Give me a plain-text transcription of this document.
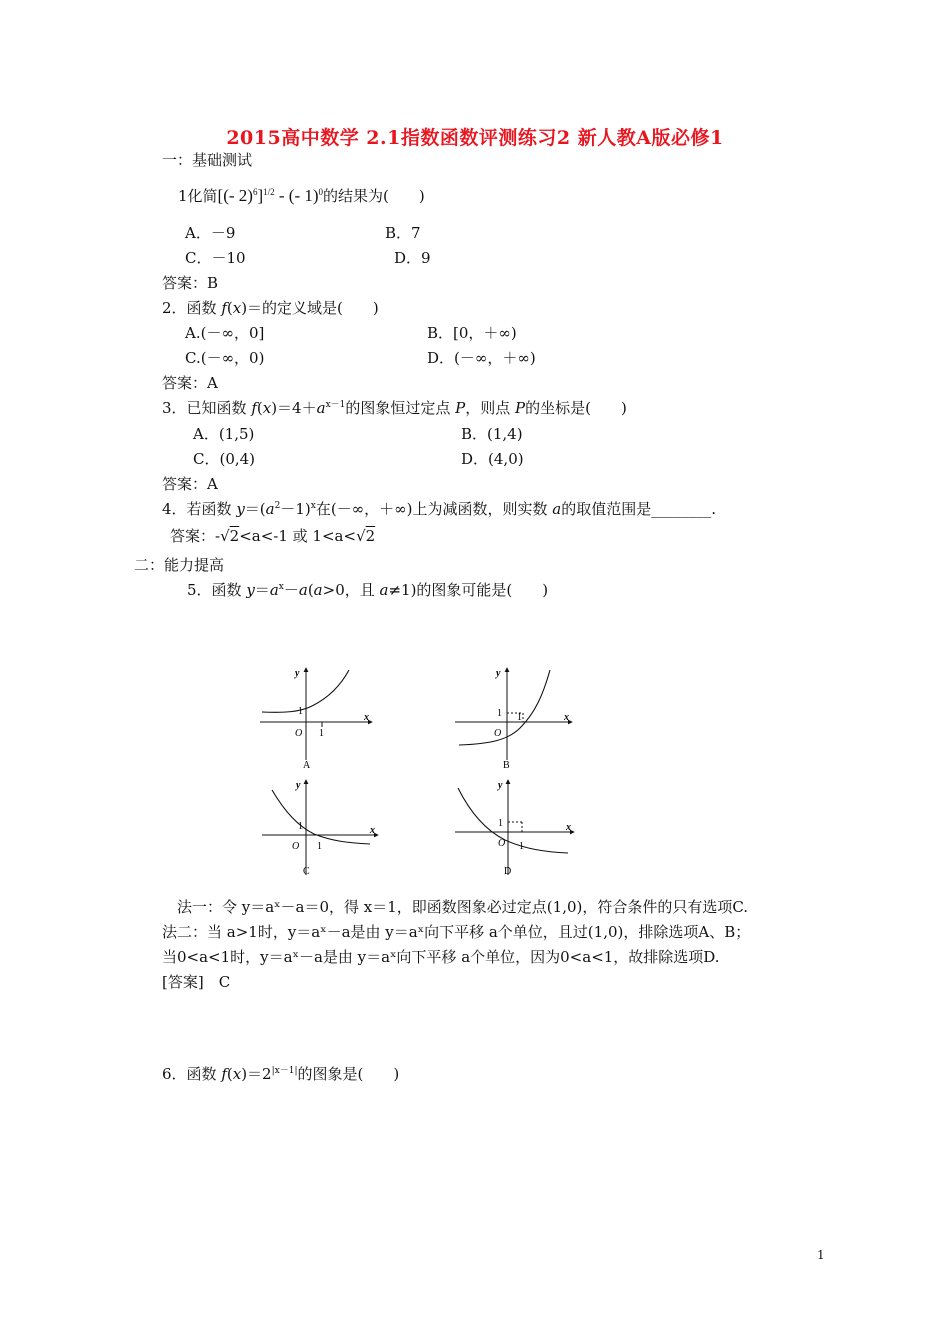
2015高中数学 2.1指数函数评测练习2 新人教A版必修1
一：基础测试
1化简[(- 2)$^6$]$^{1/2}$ - (- 1)$^0$的结果为(　　)
A．－9	B．7
C．－10	D．9
答案：B
2．函数 f(x)＝的定义域是(　　)
A.(－∞，0]	B．[0，＋∞)
C.(－∞，0)	D．(－∞，＋∞)
答案：A
3．已知函数 $f(x)=4+a^{x-1}$的图象恒过定点 P，则点 P的坐标是(　　)
A．(1,5)	B．(1,4)
C．(0,4)	D．(4,0)
答案：A
4．若函数 $y=(a^2-1)^x$在(－∞，＋∞)上为减函数，则实数 a的取值范围是________.
答案：-√2<a<-1 或 1<a<√2
二：能力提高
5．函数 $y=a^x-a(a>0$，且 a≠1)的图象可能是(　　)
y
x
1
O 1
A
y
x
1 1
O
B
y
x
1
O 1
C
y
x
1
O 1
D
法一：令 y＝aˣ－a＝0，得 x＝1，即函数图象必过定点(1,0)，符合条件的只有选项C.
法二：当 a>1时，y＝aˣ－a是由 y＝aˣ向下平移 a个单位，且过(1,0)，排除选项A、B；
当0<a<1时，y＝aˣ－a是由 y＝aˣ向下平移 a个单位，因为0<a<1，故排除选项D.
[答案]　C
6．函数 $f(x)=2^{|x-1|}$的图象是(　　)
1
